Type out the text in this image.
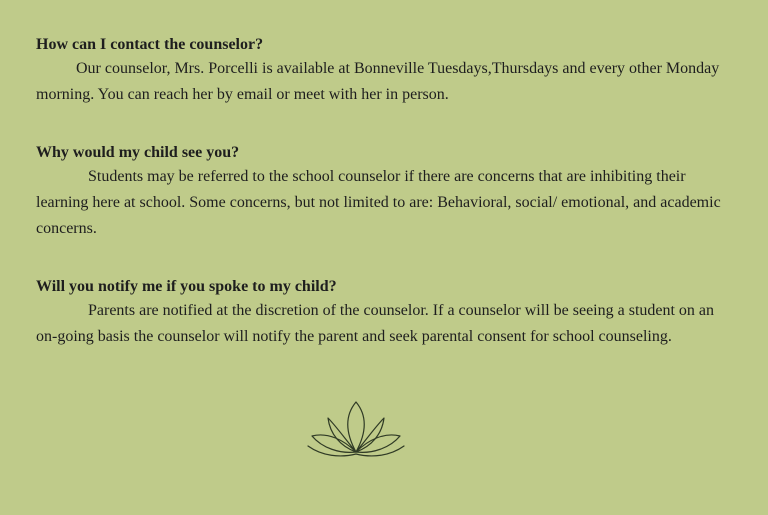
How can I contact the counselor?

Our counselor, Mrs. Porcelli is available at Bonneville Tuesdays,Thursdays and every other Monday morning. You can reach her by email or meet with her in person.

Why would my child see you?

Students may be referred to the school counselor if there are concerns that are inhibiting their learning here at school. Some concerns, but not limited to are: Behavioral, social/ emotional, and academic concerns.

Will you notify me if you spoke to my child?

Parents are notified at the discretion of the counselor. If a counselor will be seeing a student on an on-going basis the counselor will notify the parent and seek parental consent for school counseling.
